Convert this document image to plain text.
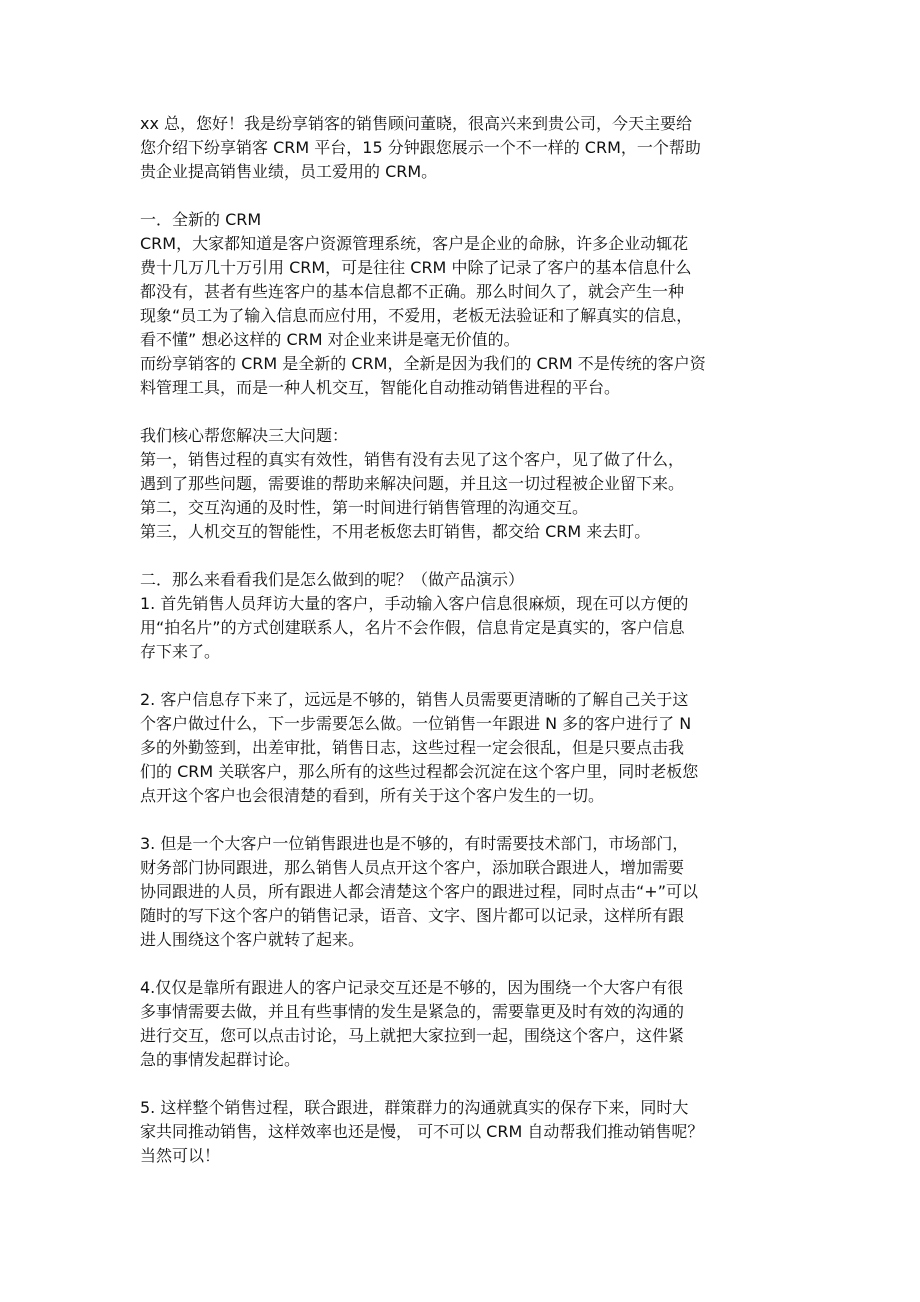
xx 总，您好！我是纷享销客的销售顾问董晓，很高兴来到贵公司，今天主要给
您介绍下纷享销客 CRM 平台，15 分钟跟您展示一个不一样的 CRM，一个帮助
贵企业提高销售业绩，员工爱用的 CRM。
一．全新的 CRM
CRM，大家都知道是客户资源管理系统，客户是企业的命脉，许多企业动辄花
费十几万几十万引用 CRM，可是往往 CRM 中除了记录了客户的基本信息什么
都没有，甚者有些连客户的基本信息都不正确。那么时间久了，就会产生一种
现象“员工为了输入信息而应付用，不爱用，老板无法验证和了解真实的信息，
看不懂” 想必这样的 CRM 对企业来讲是毫无价值的。
而纷享销客的 CRM 是全新的 CRM，全新是因为我们的 CRM 不是传统的客户资
料管理工具，而是一种人机交互，智能化自动推动销售进程的平台。
我们核心帮您解决三大问题：
第一，销售过程的真实有效性，销售有没有去见了这个客户，见了做了什么，
遇到了那些问题，需要谁的帮助来解决问题，并且这一切过程被企业留下来。
第二，交互沟通的及时性，第一时间进行销售管理的沟通交互。
第三，人机交互的智能性，不用老板您去盯销售，都交给 CRM 来去盯。
二．那么来看看我们是怎么做到的呢？（做产品演示）
1. 首先销售人员拜访大量的客户，手动输入客户信息很麻烦，现在可以方便的
用“拍名片”的方式创建联系人，名片不会作假，信息肯定是真实的，客户信息
存下来了。
2. 客户信息存下来了，远远是不够的，销售人员需要更清晰的了解自己关于这
个客户做过什么，下一步需要怎么做。一位销售一年跟进 N 多的客户进行了 N
多的外勤签到，出差审批，销售日志，这些过程一定会很乱，但是只要点击我
们的 CRM 关联客户，那么所有的这些过程都会沉淀在这个客户里，同时老板您
点开这个客户也会很清楚的看到，所有关于这个客户发生的一切。
3. 但是一个大客户一位销售跟进也是不够的，有时需要技术部门，市场部门，
财务部门协同跟进，那么销售人员点开这个客户，添加联合跟进人，增加需要
协同跟进的人员，所有跟进人都会清楚这个客户的跟进过程，同时点击“+”可以
随时的写下这个客户的销售记录，语音、文字、图片都可以记录，这样所有跟
进人围绕这个客户就转了起来。
4.仅仅是靠所有跟进人的客户记录交互还是不够的，因为围绕一个大客户有很
多事情需要去做，并且有些事情的发生是紧急的，需要靠更及时有效的沟通的
进行交互，您可以点击讨论，马上就把大家拉到一起，围绕这个客户，这件紧
急的事情发起群讨论。
5. 这样整个销售过程，联合跟进，群策群力的沟通就真实的保存下来，同时大
家共同推动销售，这样效率也还是慢， 可不可以 CRM 自动帮我们推动销售呢？
当然可以！
